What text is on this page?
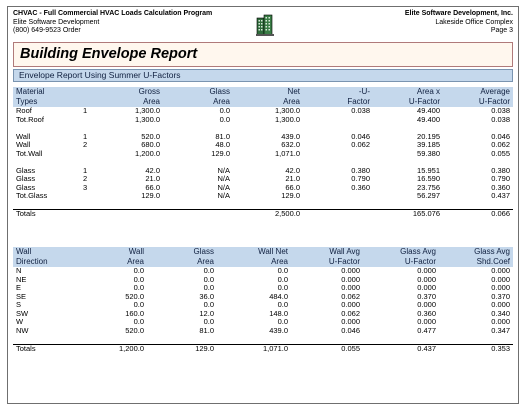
CHVAC - Full Commercial HVAC Loads Calculation Program
Elite Software Development
(800) 649-9523 Order
Elite Software Development, Inc.
Lakeside Office Complex
Page 3
Building Envelope Report
Envelope Report Using Summer U-Factors
Material		Gross	Glass	Net	-U-	Area x	Average
Types		Area	Area	Area	Factor	U-Factor	U-Factor
Roof	1	1,300.0	0.0	1,300.0	0.038	49.400	0.038
Tot.Roof		1,300.0	0.0	1,300.0		49.400	0.038

Wall	1	520.0	81.0	439.0	0.046	20.195	0.046
Wall	2	680.0	48.0	632.0	0.062	39.185	0.062
Tot.Wall		1,200.0	129.0	1,071.0		59.380	0.055

Glass	1	42.0	N/A	42.0	0.380	15.951	0.380
Glass	2	21.0	N/A	21.0	0.790	16.590	0.790
Glass	3	66.0	N/A	66.0	0.360	23.756	0.360
Tot.Glass		129.0	N/A	129.0		56.297	0.437

Totals				2,500.0		165.076	0.066
Wall	Wall	Glass	Wall Net	Wall Avg	Glass Avg	Glass Avg
Direction	Area	Area	Area	U-Factor	U-Factor	Shd.Coef
N	0.0	0.0	0.0	0.000	0.000	0.000
NE	0.0	0.0	0.0	0.000	0.000	0.000
E	0.0	0.0	0.0	0.000	0.000	0.000
SE	520.0	36.0	484.0	0.062	0.370	0.370
S	0.0	0.0	0.0	0.000	0.000	0.000
SW	160.0	12.0	148.0	0.062	0.360	0.340
W	0.0	0.0	0.0	0.000	0.000	0.000
NW	520.0	81.0	439.0	0.046	0.477	0.347

Totals	1,200.0	129.0	1,071.0	0.055	0.437	0.353
